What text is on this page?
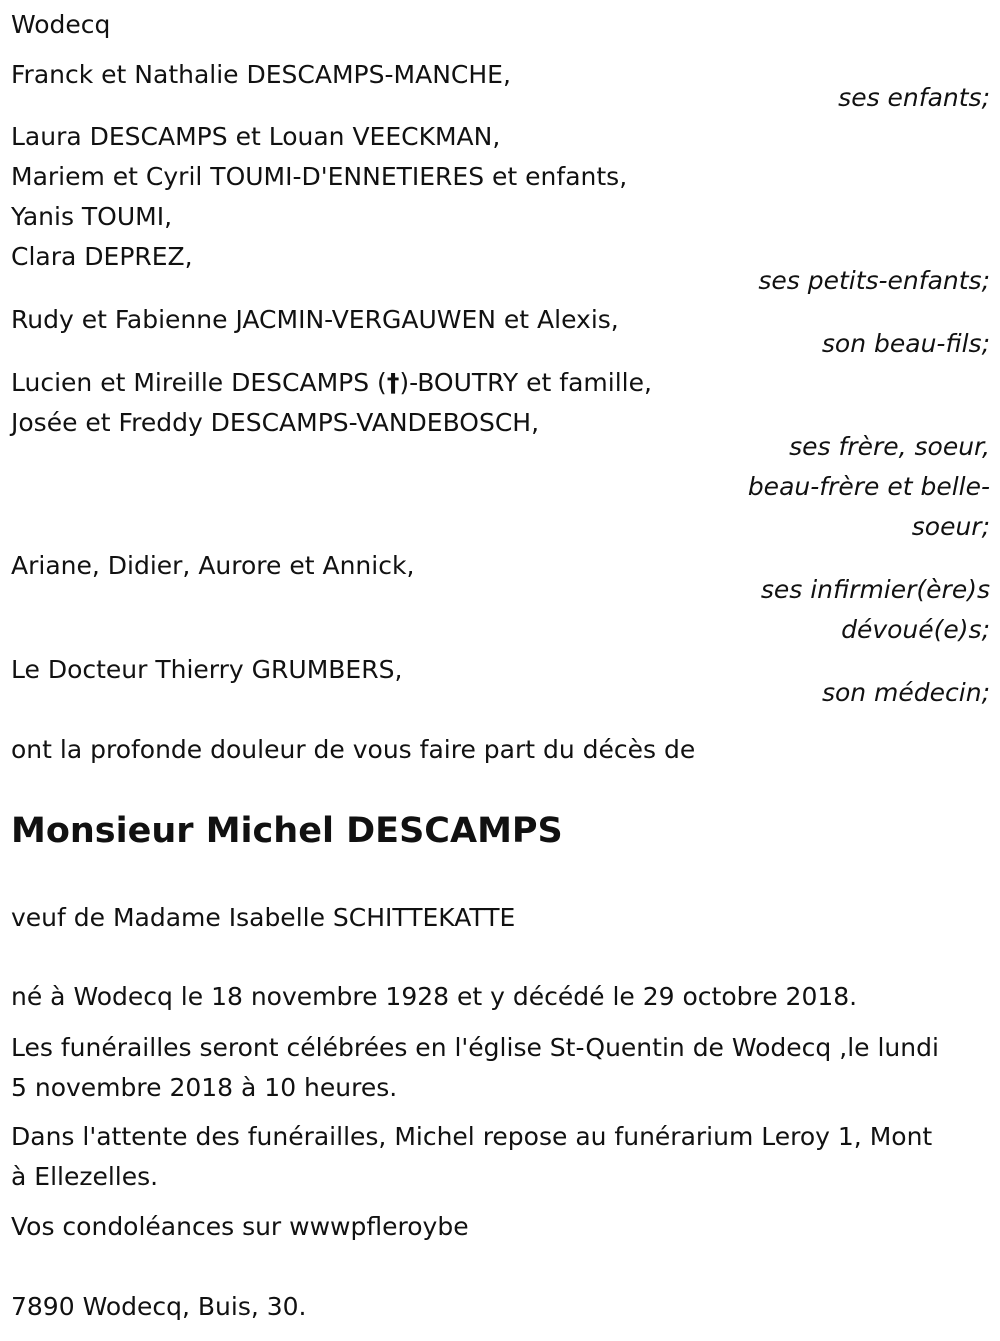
Wodecq
Franck et Nathalie DESCAMPS-MANCHE,
ses enfants;
Laura DESCAMPS et Louan VEECKMAN,
Mariem et Cyril TOUMI-D'ENNETIERES et enfants,
Yanis TOUMI,
Clara DEPREZ,
ses petits-enfants;
Rudy et Fabienne JACMIN-VERGAUWEN et Alexis,
son beau-fils;
Lucien et Mireille DESCAMPS (†)-BOUTRY et famille,
Josée et Freddy DESCAMPS-VANDEBOSCH,
ses frère, soeur,
beau-frère et belle-
soeur;
Ariane, Didier, Aurore et Annick,
ses infirmier(ère)s
dévoué(e)s;
Le Docteur Thierry GRUMBERS,
son médecin;
ont la profonde douleur de vous faire part du décès de
Monsieur Michel DESCAMPS
veuf de Madame Isabelle SCHITTEKATTE
né à Wodecq le 18 novembre 1928 et y décédé le 29 octobre 2018.
Les funérailles seront célébrées en l'église St-Quentin de Wodecq ,le lundi
5 novembre 2018 à 10 heures.
Dans l'attente des funérailles, Michel repose au funérarium Leroy 1, Mont
à Ellezelles.
Vos condoléances sur wwwpfleroybe
7890 Wodecq, Buis, 30.
